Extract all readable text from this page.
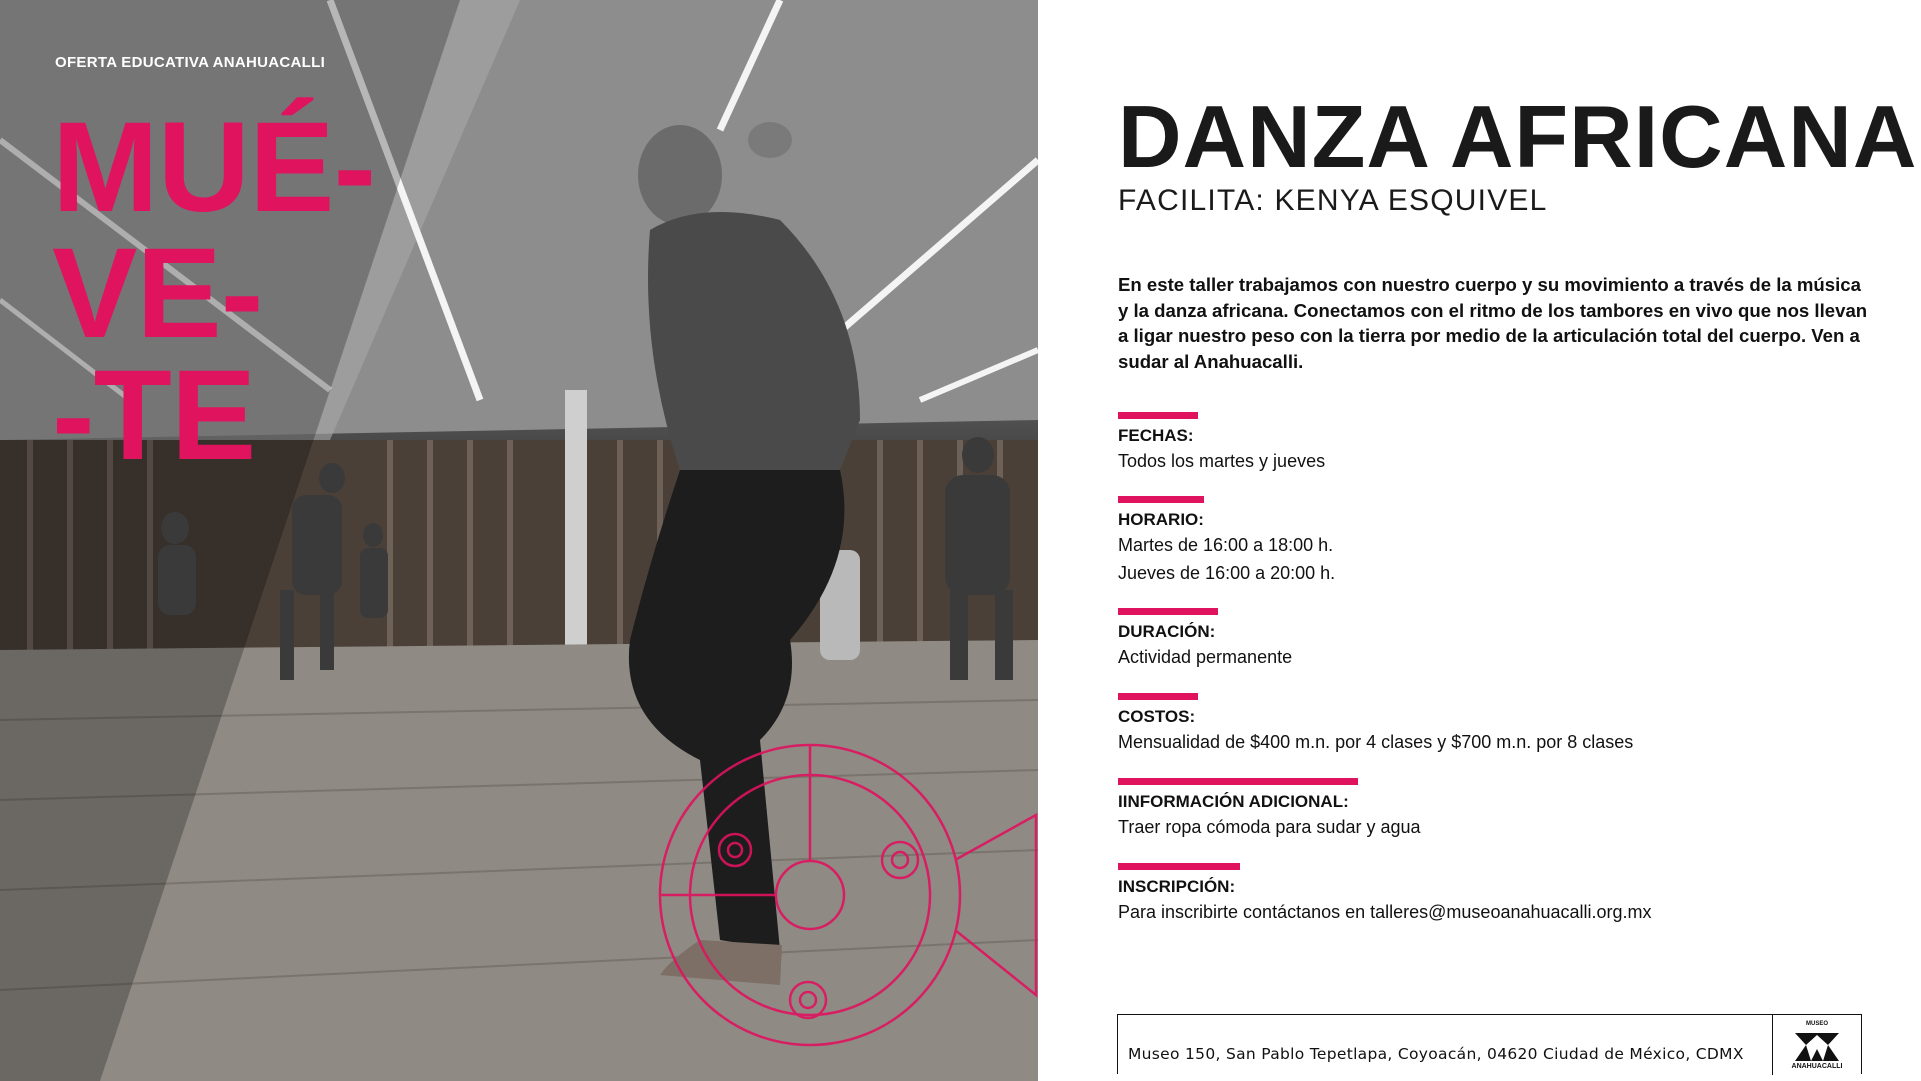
OFERTA EDUCATIVA ANAHUACALLI
MUÉ-
VE-
-TE
DANZA AFRICANA
FACILITA: KENYA ESQUIVEL
En este taller trabajamos con nuestro cuerpo y su movimiento a través de la música y la danza africana. Conectamos con el ritmo de los tambores en vivo que nos llevan a ligar nuestro peso con la tierra por medio de la articulación total del cuerpo. Ven a sudar al Anahuacalli.
FECHAS:
Todos los martes y jueves
HORARIO:
Martes de 16:00 a 18:00 h.
Jueves de 16:00 a 20:00 h.
DURACIÓN:
Actividad permanente
COSTOS:
Mensualidad de $400 m.n. por 4 clases y $700 m.n. por 8 clases
IINFORMACIÓN ADICIONAL:
Traer ropa cómoda para sudar y agua
INSCRIPCIÓN:
Para inscribirte contáctanos en talleres@museoanahuacalli.org.mx
Museo 150, San Pablo Tepetlapa, Coyoacán, 04620 Ciudad de México, CDMX
MUSEO
ANAHUACALLI
